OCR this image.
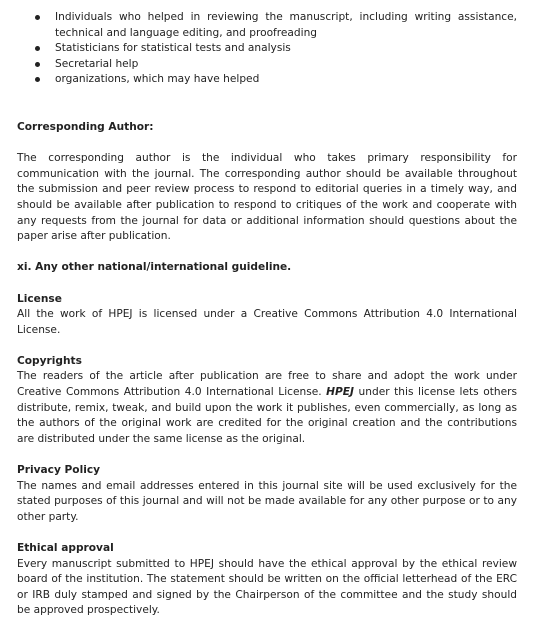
Individuals who helped in reviewing the manuscript, including writing assistance, technical and language editing, and proofreading
Statisticians for statistical tests and analysis
Secretarial help
organizations, which may have helped
Corresponding Author:

The corresponding author is the individual who takes primary responsibility for communication with the journal. The corresponding author should be available throughout the submission and peer review process to respond to editorial queries in a timely way, and should be available after publication to respond to critiques of the work and cooperate with any requests from the journal for data or additional information should questions about the paper arise after publication.

xi. Any other national/international guideline.
License

All the work of HPEJ is licensed under a Creative Commons Attribution 4.0 International License.

Copyrights

The readers of the article after publication are free to share and adopt the work under Creative Commons Attribution 4.0 International License. HPEJ under this license lets others distribute, remix, tweak, and build upon the work it publishes, even commercially, as long as the authors of the original work are credited for the original creation and the contributions are distributed under the same license as the original.

Privacy Policy

The names and email addresses entered in this journal site will be used exclusively for the stated purposes of this journal and will not be made available for any other purpose or to any other party.

Ethical approval

Every manuscript submitted to HPEJ should have the ethical approval by the ethical review board of the institution. The statement should be written on the official letterhead of the ERC or IRB duly stamped and signed by the Chairperson of the committee and the study should be approved prospectively.
